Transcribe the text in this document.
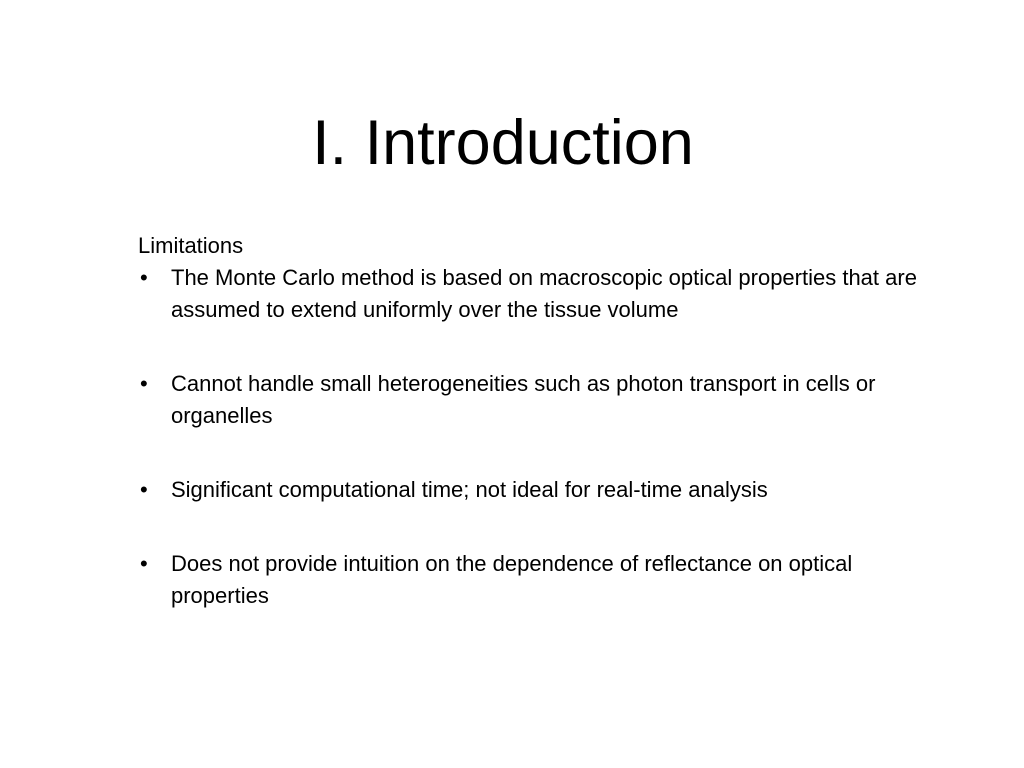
I. Introduction
Limitations
• The Monte Carlo method is based on macroscopic optical properties that are assumed to extend uniformly over the tissue volume
• Cannot handle small heterogeneities such as photon transport in cells or organelles
• Significant computational time; not ideal for real-time analysis
• Does not provide intuition on the dependence of reflectance on optical properties
